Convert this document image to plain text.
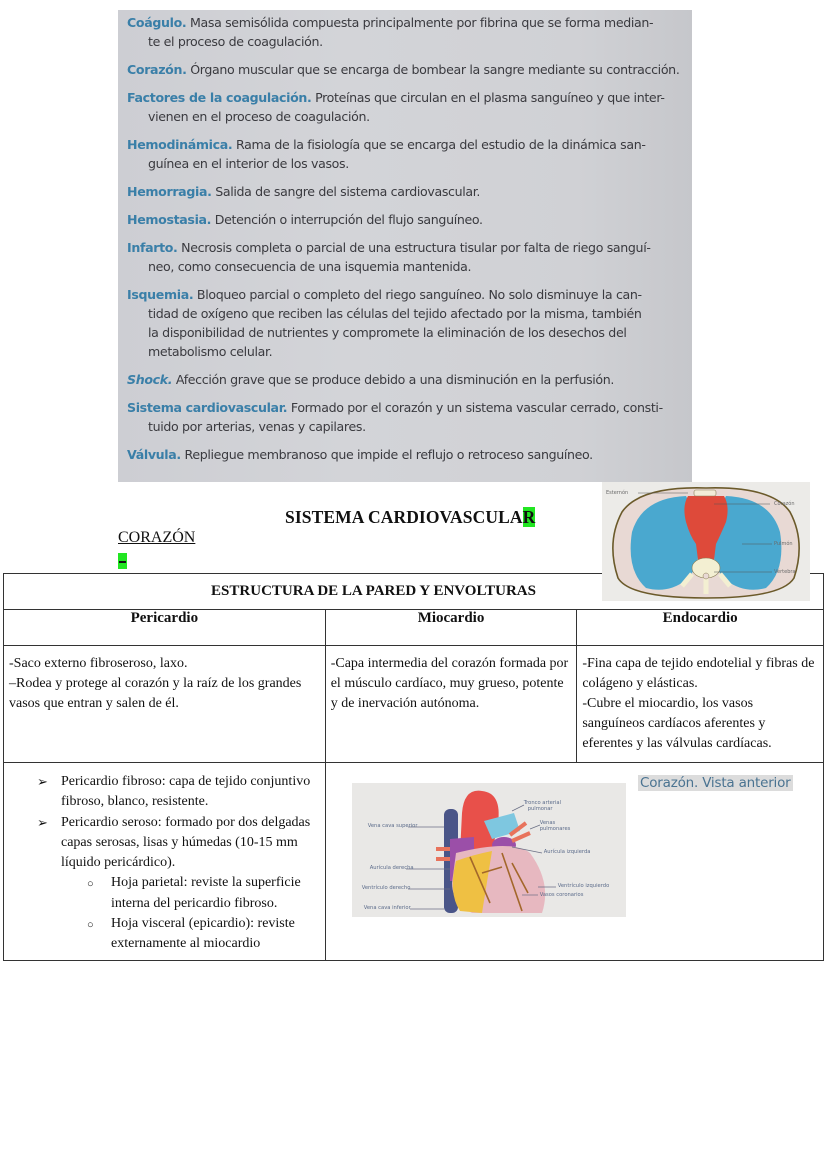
Coágulo. Masa semisólida compuesta principalmente por fibrina que se forma median-
te el proceso de coagulación.
Corazón. Órgano muscular que se encarga de bombear la sangre mediante su contracción.
Factores de la coagulación. Proteínas que circulan en el plasma sanguíneo y que inter-
vienen en el proceso de coagulación.
Hemodinámica. Rama de la fisiología que se encarga del estudio de la dinámica san-
guínea en el interior de los vasos.
Hemorragia. Salida de sangre del sistema cardiovascular.
Hemostasia. Detención o interrupción del flujo sanguíneo.
Infarto. Necrosis completa o parcial de una estructura tisular por falta de riego sanguí-
neo, como consecuencia de una isquemia mantenida.
Isquemia. Bloqueo parcial o completo del riego sanguíneo. No solo disminuye la can-
tidad de oxígeno que reciben las células del tejido afectado por la misma, también
la disponibilidad de nutrientes y compromete la eliminación de los desechos del
metabolismo celular.
Shock. Afección grave que se produce debido a una disminución en la perfusión.
Sistema cardiovascular. Formado por el corazón y un sistema vascular cerrado, consti-
tuido por arterias, venas y capilares.
Válvula. Repliegue membranoso que impide el reflujo o retroceso sanguíneo.
SISTEMA CARDIOVASCULAR
CORAZÓN
ESTRUCTURA DE LA PARED Y ENVOLTURAS		
Pericardio	Miocardio	Endocardio

-Saco externo fibroseroso, laxo.
–Rodea y protege al corazón y la raíz de los grandes vasos que entran y salen de él.

-Capa intermedia del corazón formada por el músculo cardíaco, muy grueso, potente y de inervación autónoma.

-Fina capa de tejido endotelial y fibras de colágeno y elásticas.
-Cubre el miocardio, los vasos sanguíneos cardíacos aferentes y eferentes y las válvulas cardíacas.

➢ Pericardio fibroso: capa de tejido conjuntivo fibroso, blanco, resistente.
➢ Pericardio seroso: formado por dos delgadas capas serosas, lisas y húmedas (10-15 mm líquido pericárdico).
○ Hoja parietal: reviste la superficie interna del pericardio fibroso.
○ Hoja visceral (epicardio): reviste externamente al miocardio

Vena cava superior
Aurícula derecha
Ventrículo derecho
Vena cava inferior
Tronco arterial
pulmonar
Venas
pulmonares
Aurícula izquierda
Ventrículo izquierdo
Vasos coronarios
Corazón. Vista anterior
Esternón
Corazón
Pulmón
Vértebra
